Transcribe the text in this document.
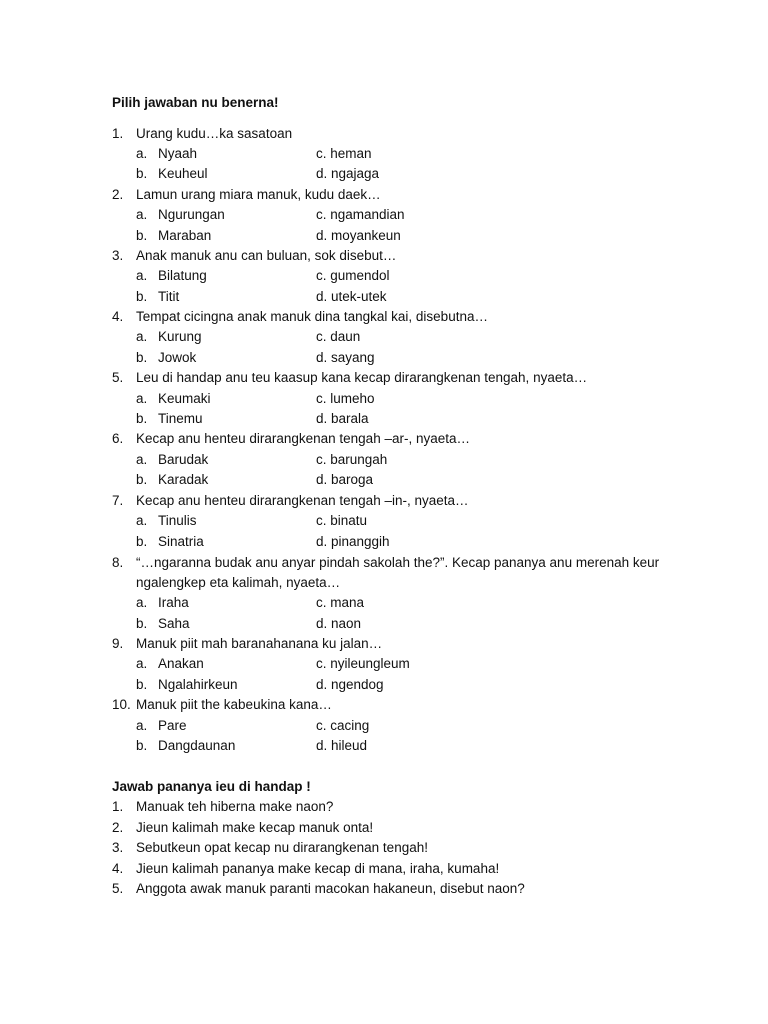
Pilih jawaban nu benerna!
1. Urang kudu…ka sasatoan
a. Nyaah	c. heman
b. Keuheul	d. ngajaga
2. Lamun urang miara manuk, kudu daek…
a. Ngurungan	c. ngamandian
b. Maraban	d. moyankeun
3. Anak manuk anu can buluan, sok disebut…
a. Bilatung	c. gumendol
b. Titit	d. utek-utek
4. Tempat cicingna anak manuk dina tangkal kai, disebutna…
a. Kurung	c. daun
b. Jowok	d. sayang
5. Leu di handap anu teu kaasup kana kecap dirarangkenan tengah, nyaeta…
a. Keumaki	c. lumeho
b. Tinemu	d. barala
6. Kecap anu henteu dirarangkenan tengah –ar-, nyaeta…
a. Barudak	c. barungah
b. Karadak	d. baroga
7. Kecap anu henteu dirarangkenan tengah –in-, nyaeta…
a. Tinulis	c. binatu
b. Sinatria	d. pinanggih
8. “…ngaranna budak anu anyar pindah sakolah the?”. Kecap pananya anu merenah keur
ngalengkep eta kalimah, nyaeta…
a. Iraha	c. mana
b. Saha	d. naon
9. Manuk piit mah baranahanana ku jalan…
a. Anakan	c. nyileungleum
b. Ngalahirkeun	d. ngendog
10. Manuk piit the kabeukina kana…
a. Pare	c. cacing
b. Dangdaunan	d. hileud
Jawab pananya ieu di handap !
1. Manuak teh hiberna make naon?
2. Jieun kalimah make kecap manuk onta!
3. Sebutkeun opat kecap nu dirarangkenan tengah!
4. Jieun kalimah pananya make kecap di mana, iraha, kumaha!
5. Anggota awak manuk paranti macokan hakaneun, disebut naon?
